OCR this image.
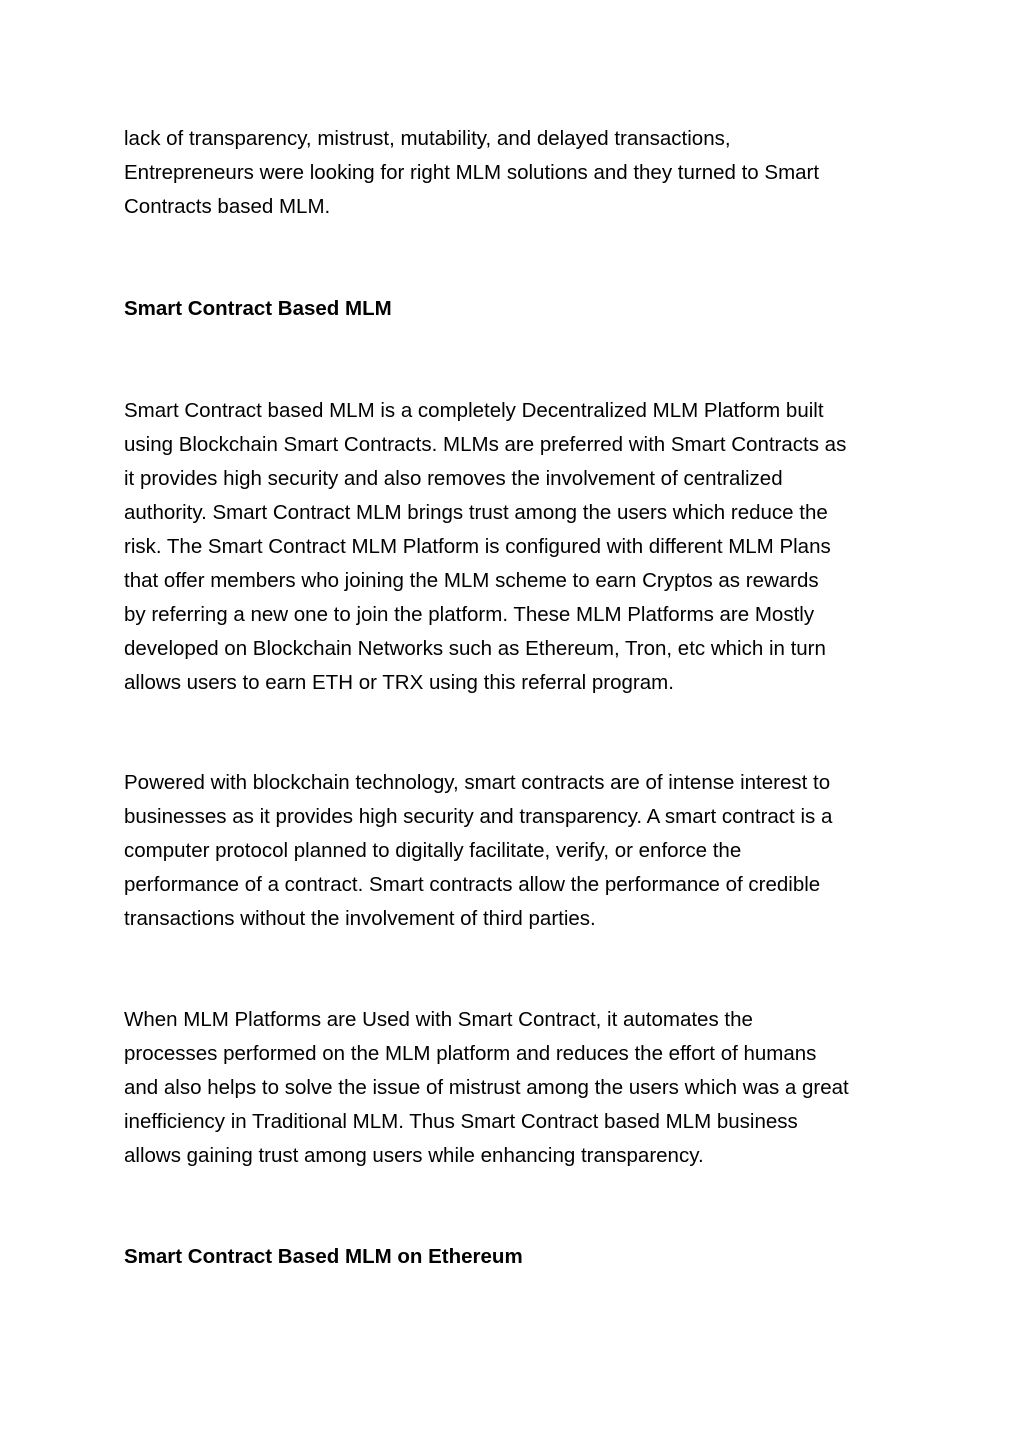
lack of transparency, mistrust, mutability, and delayed transactions,
Entrepreneurs were looking for right MLM solutions and they turned to Smart
Contracts based MLM.

Smart Contract Based MLM

Smart Contract based MLM is a completely Decentralized MLM Platform built
using Blockchain Smart Contracts. MLMs are preferred with Smart Contracts as
it provides high security and also removes the involvement of centralized
authority. Smart Contract MLM brings trust among the users which reduce the
risk. The Smart Contract MLM Platform is configured with different MLM Plans
that offer members who joining the MLM scheme to earn Cryptos as rewards
by referring a new one to join the platform. These MLM Platforms are Mostly
developed on Blockchain Networks such as Ethereum, Tron, etc which in turn
allows users to earn ETH or TRX using this referral program.

Powered with blockchain technology, smart contracts are of intense interest to
businesses as it provides high security and transparency. A smart contract is a
computer protocol planned to digitally facilitate, verify, or enforce the
performance of a contract. Smart contracts allow the performance of credible
transactions without the involvement of third parties.

When MLM Platforms are Used with Smart Contract, it automates the
processes performed on the MLM platform and reduces the effort of humans
and also helps to solve the issue of mistrust among the users which was a great
inefficiency in Traditional MLM. Thus Smart Contract based MLM business
allows gaining trust among users while enhancing transparency.

Smart Contract Based MLM on Ethereum
